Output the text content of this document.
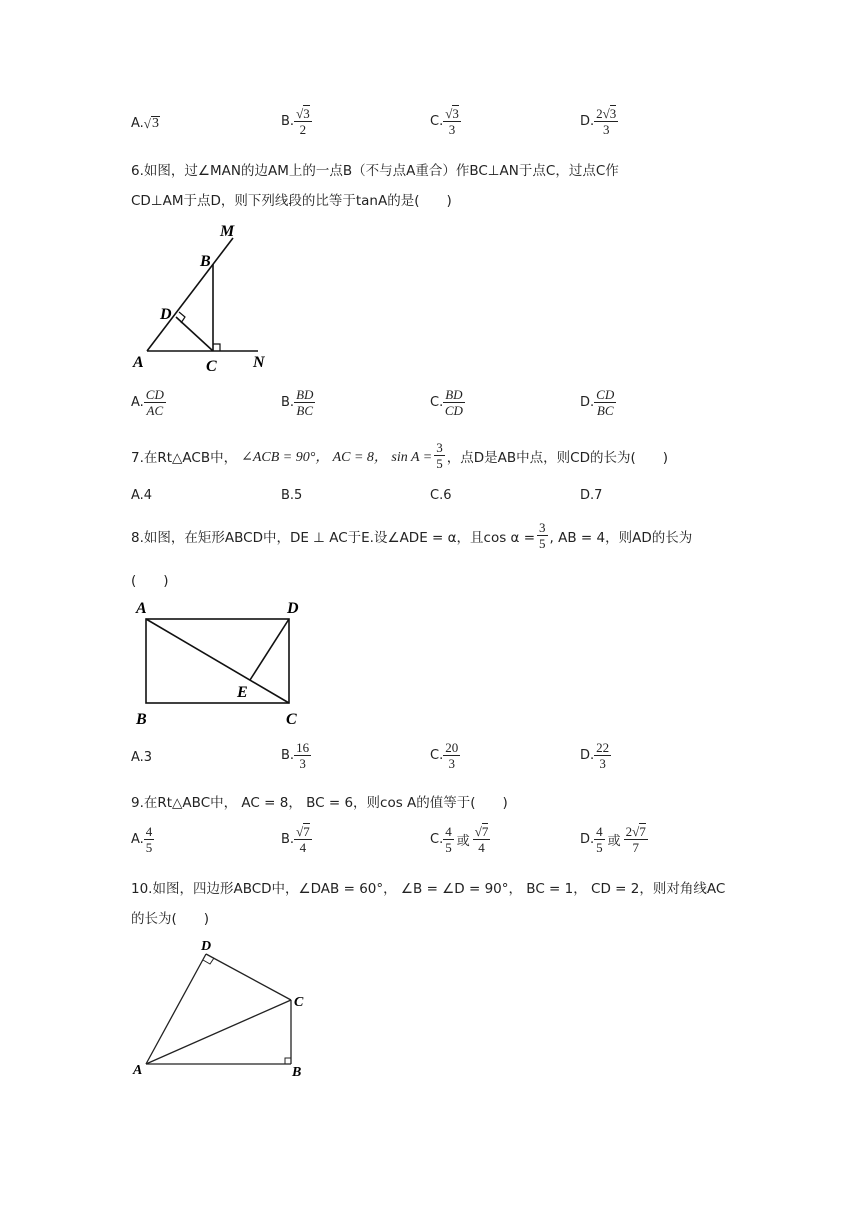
A. √ 3	B. $\frac{√3}{2}$	C. $\frac{√3}{3}$	D. $\frac{2√3}{3}$
6.如图，过∠MAN的边AM上的一点B（不与点A重合）作BC⊥AN于点C，过点C作
CD⊥AM于点D，则下列线段的比等于tanA的是(　　)
M
B
D
A	C N
A. $\frac{CD}{AC}$	B. $\frac{BD}{BC}$	C. $\frac{BD}{CD}$	D. $\frac{CD}{BC}$
7.在Rt△ACB中， ∠ACB = 90°， AC = 8， $\sin A = \frac{3}{5}$ ，点D是AB中点，则CD的长为(　　)
A.4	B.5	C.6	D.7
8.如图，在矩形ABCD中，DE ⊥ AC于E.设∠ADE = α，且$\cos \alpha = \frac{3}{5}$ , AB = 4，则AD的长为
(　　)
A	D
B	C
E
A.3	B. $\frac{16}{3}$	C. $\frac{20}{3}$	D. $\frac{22}{3}$
9.在Rt△ABC中， AC = 8， BC = 6，则cos A的值等于(　　)
A. $\frac{4}{5}$	B. $\frac{√7}{4}$	C. $\frac{4}{5}$ 或 $\frac{√7}{4}$	D. $\frac{4}{5}$ 或 $\frac{2√7}{7}$
10.如图，四边形ABCD中，∠DAB = 60°， ∠B = ∠D = 90°， BC = 1， CD = 2，则对角线AC
的长为(　　)
D
C
A	B
